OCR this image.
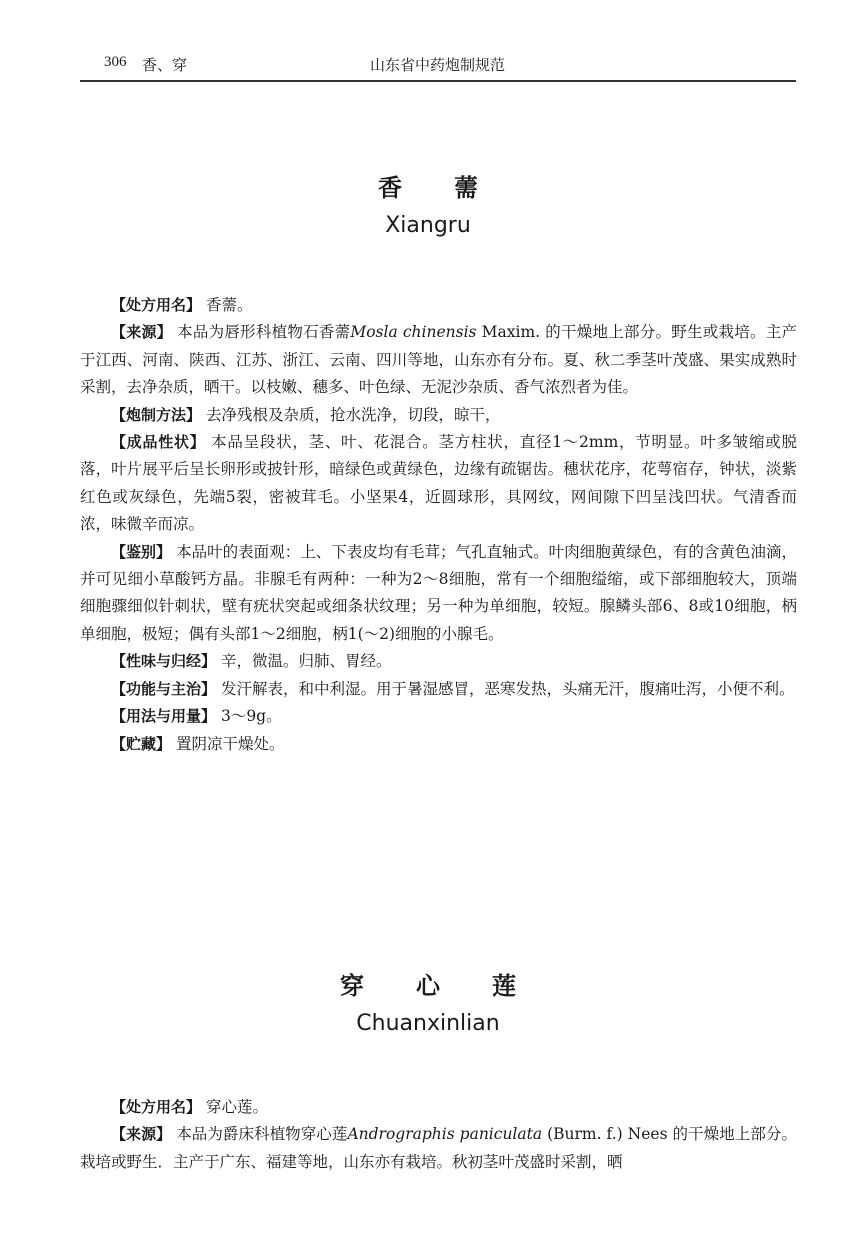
306 香、穿	山东省中药炮制规范
香薷
Xiangru

【处方用名】 香薷。

【来源】 本品为唇形科植物石香薷Mosla chinensis Maxim. 的干燥地上部分。野生或栽培。主产于江西、河南、陕西、江苏、浙江、云南、四川等地，山东亦有分布。夏、秋二季茎叶茂盛、果实成熟时采割，去净杂质，晒干。以枝嫩、穗多、叶色绿、无泥沙杂质、香气浓烈者为佳。

【炮制方法】 去净残根及杂质，抢水洗净，切段，晾干，

【成品性状】 本品呈段状，茎、叶、花混合。茎方柱状，直径1～2mm，节明显。叶多皱缩或脱落，叶片展平后呈长卵形或披针形，暗绿色或黄绿色，边缘有疏锯齿。穗状花序，花萼宿存，钟状，淡紫红色或灰绿色，先端5裂，密被茸毛。小坚果4，近圆球形，具网纹，网间隙下凹呈浅凹状。气清香而浓，味微辛而凉。

【鉴别】 本品叶的表面观：上、下表皮均有毛茸；气孔直轴式。叶肉细胞黄绿色，有的含黄色油滴，并可见细小草酸钙方晶。非腺毛有两种：一种为2～8细胞，常有一个细胞缢缩，或下部细胞较大，顶端细胞骤细似针刺状，壁有疣状突起或细条状纹理；另一种为单细胞，较短。腺鳞头部6、8或10细胞，柄单细胞，极短；偶有头部1～2细胞，柄1(～2)细胞的小腺毛。

【性味与归经】 辛，微温。归肺、胃经。

【功能与主治】 发汗解表，和中利湿。用于暑湿感冒，恶寒发热，头痛无汗，腹痛吐泻，小便不利。

【用法与用量】 3～9g。

【贮藏】 置阴凉干燥处。

穿心莲
Chuanxinlian

【处方用名】 穿心莲。

【来源】 本品为爵床科植物穿心莲Andrographis paniculata (Burm. f.) Nees 的干燥地上部分。栽培或野生．主产于广东、福建等地，山东亦有栽培。秋初茎叶茂盛时采割，晒
